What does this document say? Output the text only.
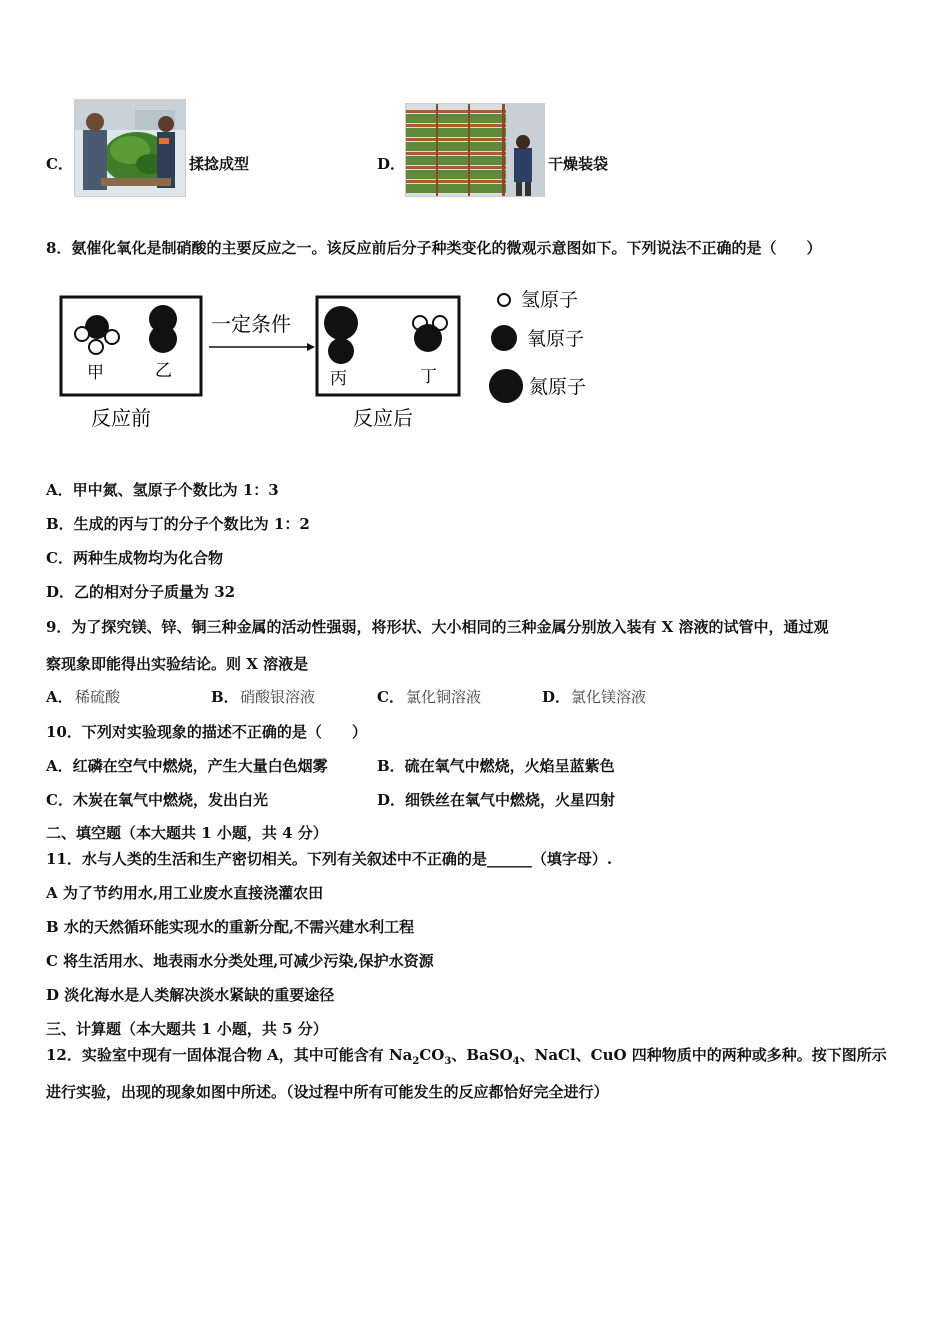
C．	揉捻成型	D．	干燥装袋
8．氨催化氧化是制硝酸的主要反应之一。该反应前后分子种类变化的微观示意图如下。下列说法不正确的是（　　）
甲	乙
一定条件
丙	丁
反应前	反应后
氢原子
氧原子
氮原子
A．甲中氮、氢原子个数比为 1：3
B．生成的丙与丁的分子个数比为 1：2
C．两种生成物均为化合物
D．乙的相对分子质量为 32
9．为了探究镁、锌、铜三种金属的活动性强弱，将形状、大小相同的三种金属分别放入装有 X 溶液的试管中，通过观
察现象即能得出实验结论。则 X 溶液是
A． 稀硫酸	B． 硝酸银溶液	C． 氯化铜溶液	D． 氯化镁溶液
10．下列对实验现象的描述不正确的是（　　）
A．红磷在空气中燃烧，产生大量白色烟雾	B．硫在氧气中燃烧，火焰呈蓝紫色
C．木炭在氧气中燃烧，发出白光	D．细铁丝在氧气中燃烧，火星四射
二、填空题（本大题共 1 小题，共 4 分）
11．水与人类的生活和生产密切相关。下列有关叙述中不正确的是______（填字母）.
A 为了节约用水,用工业废水直接浇灌农田
B 水的天然循环能实现水的重新分配,不需兴建水利工程
C 将生活用水、地表雨水分类处理,可减少污染,保护水资源
D 淡化海水是人类解决淡水紧缺的重要途径
三、计算题（本大题共 1 小题，共 5 分）
12．实验室中现有一固体混合物 A，其中可能含有 $Na_2CO_3$、BaSO$_4$、NaCl、CuO 四种物质中的两种或多种。按下图所示
进行实验，出现的现象如图中所述。（设过程中所有可能发生的反应都恰好完全进行）
